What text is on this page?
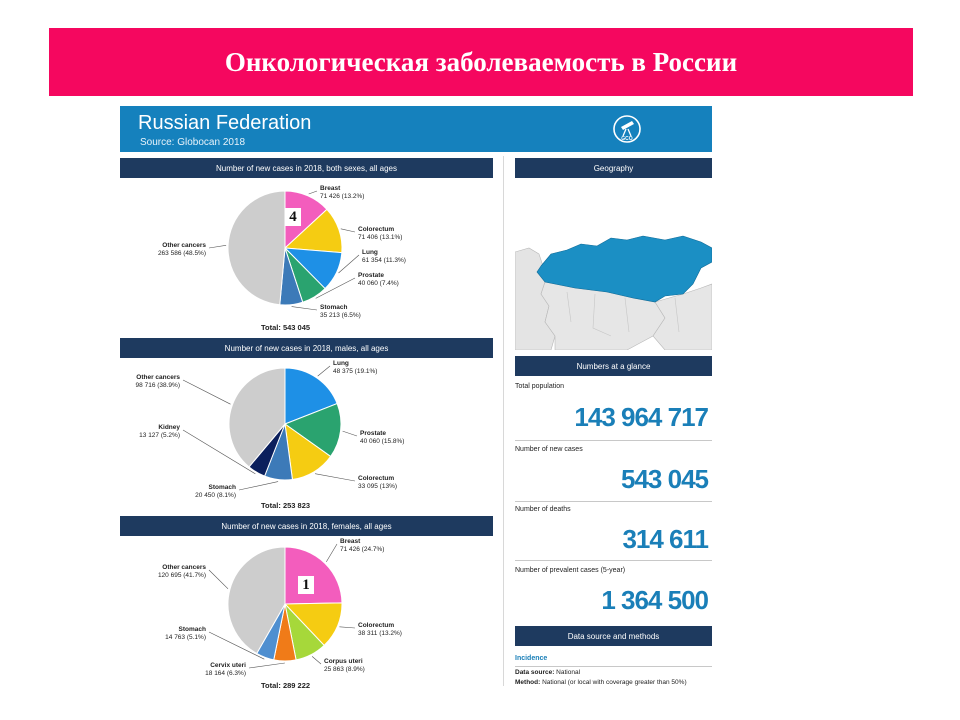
Онкологическая заболеваемость в России
Russian Federation
Source: Globocan 2018	GCO
Number of new cases in 2018, both sexes, all ages
Breast
71 426 (13.2%)
Colorectum
71 406 (13.1%)
Lung
61 354 (11.3%)
Prostate
40 060 (7.4%)
Stomach
35 213 (6.5%)
Other cancers
263 586 (48.5%)
Total: 543 045
Number of new cases in 2018, males, all ages
Lung
48 375 (19.1%)
Prostate
40 060 (15.8%)
Colorectum
33 095 (13%)
Stomach
20 450 (8.1%)
Kidney
13 127 (5.2%)
Other cancers
98 716 (38.9%)
Total: 253 823
Number of new cases in 2018, females, all ages
Breast
71 426 (24.7%)
Colorectum
38 311 (13.2%)
Corpus uteri
25 863 (8.9%)
Cervix uteri
18 164 (6.3%)
Stomach
14 763 (5.1%)
Other cancers
120 695 (41.7%)
Total: 289 222
Geography
Numbers at a glance
Total population
143 964 717
Number of new cases
543 045
Number of deaths
314 611
Number of prevalent cases (5-year)
1 364 500
Data source and methods
Incidence
Data source: National
Method: National (or local with coverage greater than 50%)
4
1
